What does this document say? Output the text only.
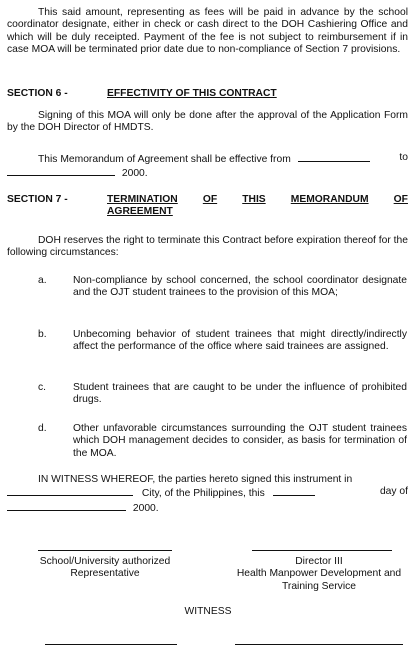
This said amount, representing as fees will be paid in advance by the school coordinator designate, either in check or cash direct to the DOH Cashiering Office and which will be duly receipted. Payment of the fee is not subject to reimbursement if in case MOA will be terminated prior date due to non-compliance of Section 7 provisions.

SECTION 6 -	EFFECTIVITY OF THIS CONTRACT

Signing of this MOA will only be done after the approval of the Application Form by the DOH Director of HMDTS.

This Memorandum of Agreement shall be effective from	to
2000.
SECTION 7 -	TERMINATION OF THIS MEMORANDUM OF
AGREEMENT

DOH reserves the right to terminate this Contract before expiration thereof for the following circumstances:

a.	Non-compliance by school concerned, the school coordinator designate and the OJT student trainees to the provision of this MOA;

b.	Unbecoming behavior of student trainees that might directly/indirectly affect the performance of the office where said trainees are assigned.

c.	Student trainees that are caught to be under the influence of prohibited drugs.

d.	Other unfavorable circumstances surrounding the OJT student trainees which DOH management decides to consider, as basis for termination of the MOA.

IN WITNESS WHEREOF, the parties hereto signed this instrument in
City, of the Philippines, this	day of
2000.
School/University authorized
Representative
Director III
Health Manpower Development and
Training Service
WITNESS
